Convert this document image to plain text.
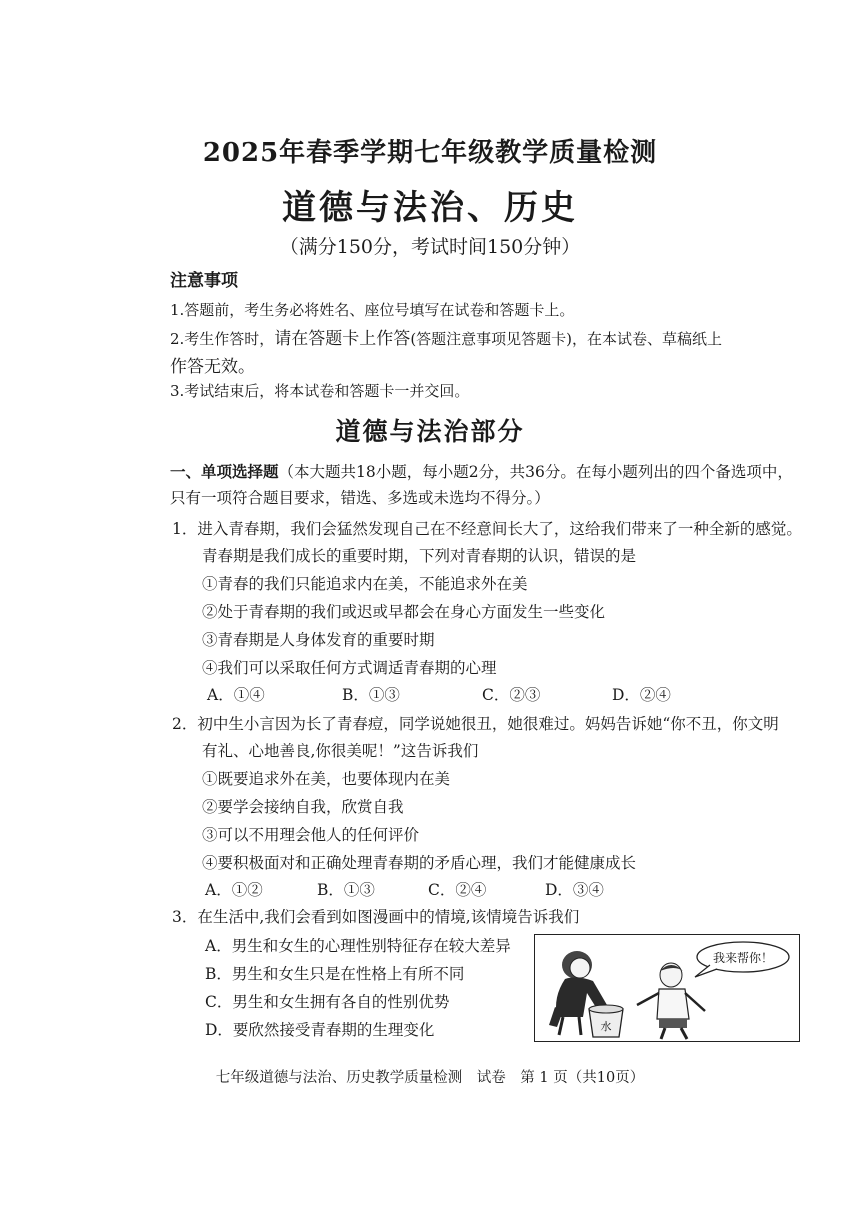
2025年春季学期七年级教学质量检测
道德与法治、历史
（满分150分，考试时间150分钟）
注意事项
1.答题前，考生务必将姓名、座位号填写在试卷和答题卡上。
2.考生作答时，请在答题卡上作答(答题注意事项见答题卡)，在本试卷、草稿纸上
作答无效。
3.考试结束后，将本试卷和答题卡一并交回。
道德与法治部分
一、单项选择题（本大题共18小题，每小题2分，共36分。在每小题列出的四个备选项中，
只有一项符合题目要求，错选、多选或未选均不得分。）
1．进入青春期，我们会猛然发现自己在不经意间长大了，这给我们带来了一种全新的感觉。
青春期是我们成长的重要时期，下列对青春期的认识，错误的是
①青春的我们只能追求内在美，不能追求外在美
②处于青春期的我们或迟或早都会在身心方面发生一些变化
③青春期是人身体发育的重要时期
④我们可以采取任何方式调适青春期的心理
A．①④	B．①③	C．②③	D．②④
2．初中生小言因为长了青春痘，同学说她很丑，她很难过。妈妈告诉她“你不丑，你文明
有礼、心地善良,你很美呢！”这告诉我们
①既要追求外在美，也要体现内在美
②要学会接纳自我，欣赏自我
③可以不用理会他人的任何评价
④要积极面对和正确处理青春期的矛盾心理，我们才能健康成长
A．①②	B．①③	C．②④	D．③④
3．在生活中,我们会看到如图漫画中的情境,该情境告诉我们
A．男生和女生的心理性别特征存在较大差异
B．男生和女生只是在性格上有所不同
C．男生和女生拥有各自的性别优势
D．要欣然接受青春期的生理变化
我来帮你！
水
七年级道德与法治、历史教学质量检测　试卷　第 1 页（共10页）
